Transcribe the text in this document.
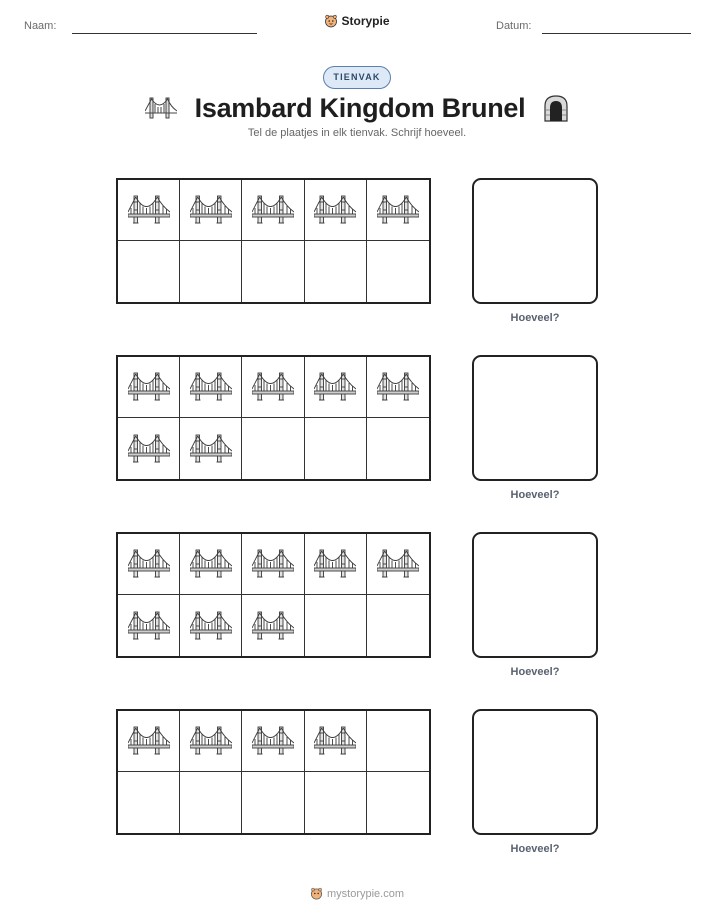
Naam:	Storypie	Datum:
TIENVAK
Isambard Kingdom Brunel
Tel de plaatjes in elk tienvak. Schrijf hoeveel.
Hoeveel?
Hoeveel?
Hoeveel?
Hoeveel?
mystorypie.com
